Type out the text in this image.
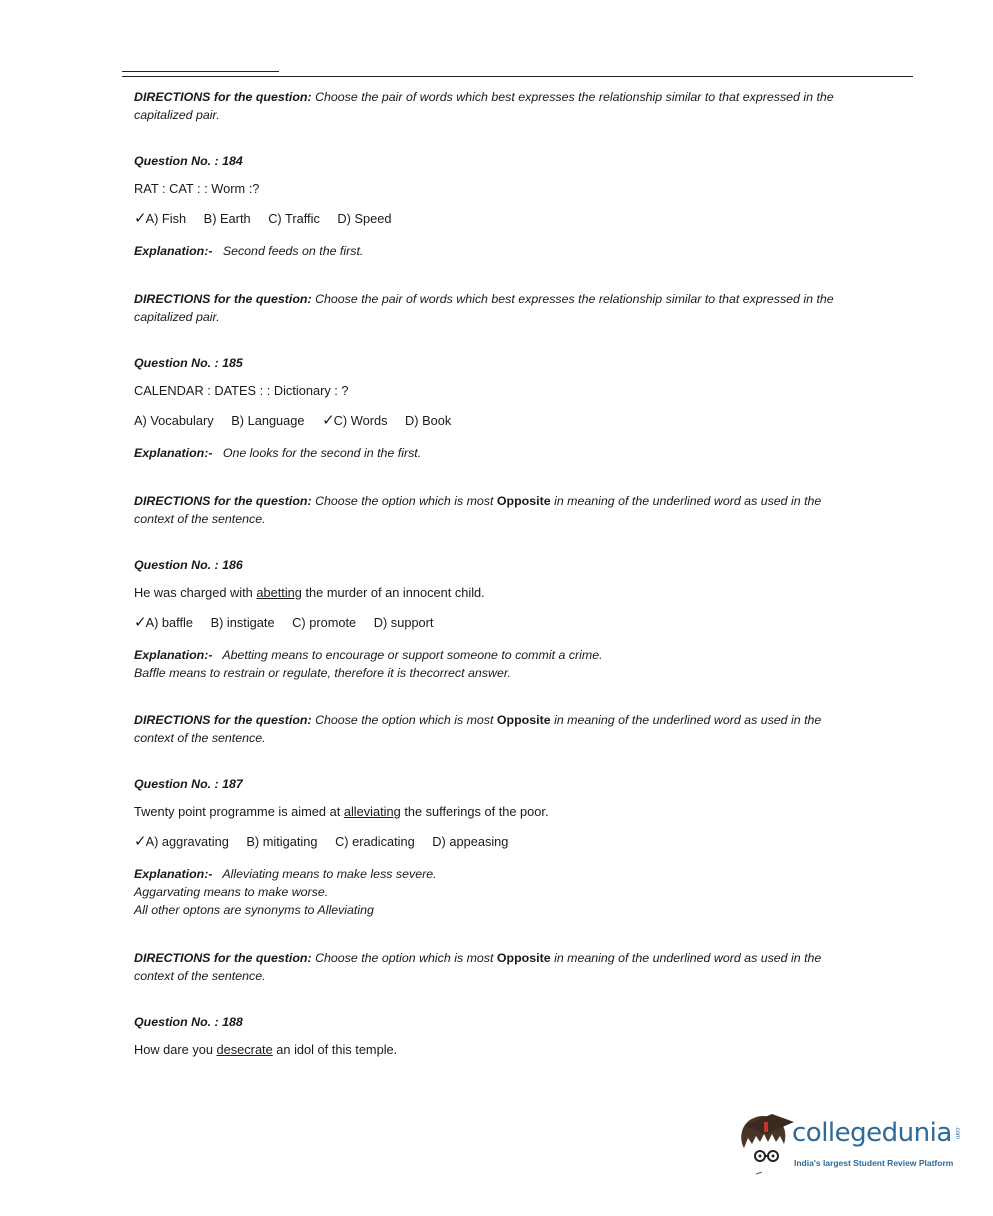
DIRECTIONS for the question: Choose the pair of words which best expresses the relationship similar to that expressed in the
capitalized pair.
Question No. : 184
RAT : CAT : : Worm :?
✓A) Fish B) Earth C) Traffic D) Speed
Explanation:- Second feeds on the first.
DIRECTIONS for the question: Choose the pair of words which best expresses the relationship similar to that expressed in the
capitalized pair.
Question No. : 185
CALENDAR : DATES : : Dictionary : ?
A) Vocabulary B) Language ✓C) Words D) Book
Explanation:- One looks for the second in the first.
DIRECTIONS for the question: Choose the option which is most Opposite in meaning of the underlined word as used in the
context of the sentence.
Question No. : 186
He was charged with abetting the murder of an innocent child.
✓A) baffle B) instigate C) promote D) support
Explanation:- Abetting means to encourage or support someone to commit a crime.
Baffle means to restrain or regulate, therefore it is thecorrect answer.
DIRECTIONS for the question: Choose the option which is most Opposite in meaning of the underlined word as used in the
context of the sentence.
Question No. : 187
Twenty point programme is aimed at alleviating the sufferings of the poor.
✓A) aggravating B) mitigating C) eradicating D) appeasing
Explanation:- Alleviating means to make less severe.
Aggarvating means to make worse.
All other optons are synonyms to Alleviating
DIRECTIONS for the question: Choose the option which is most Opposite in meaning of the underlined word as used in the
context of the sentence.
Question No. : 188
How dare you desecrate an idol of this temple.
collegedunia .com
India's largest Student Review Platform
